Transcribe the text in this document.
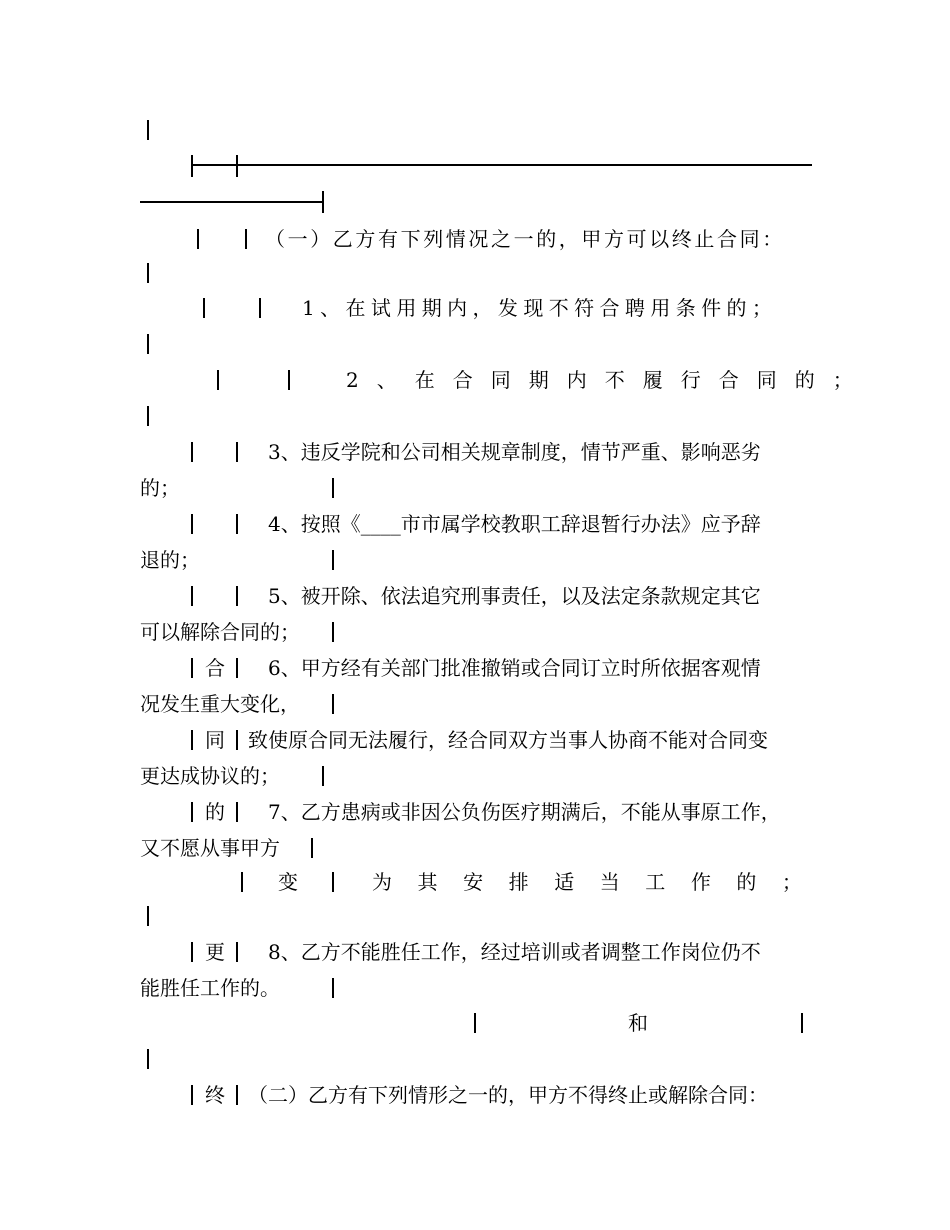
（一）乙方有下列情况之一的，甲方可以终止合同：
1、在试用期内，发现不符合聘用条件的；
2、在合同期内不履行合同的；
3、违反学院和公司相关规章制度，情节严重、影响恶劣
的；
4、按照《____市市属学校教职工辞退暂行办法》应予辞
退的；
5、被开除、依法追究刑事责任，以及法定条款规定其它
可以解除合同的；
合 6、甲方经有关部门批准撤销或合同订立时所依据客观情
况发生重大变化，
同 致使原合同无法履行，经合同双方当事人协商不能对合同变
更达成协议的；
的 7、乙方患病或非因公负伤医疗期满后，不能从事原工作，
又不愿从事甲方
变	为 其 安 排 适 当 工 作 的 ；
更 8、乙方不能胜任工作，经过培训或者调整工作岗位仍不
能胜任工作的。
和
终 （二）乙方有下列情形之一的，甲方不得终止或解除合同：
